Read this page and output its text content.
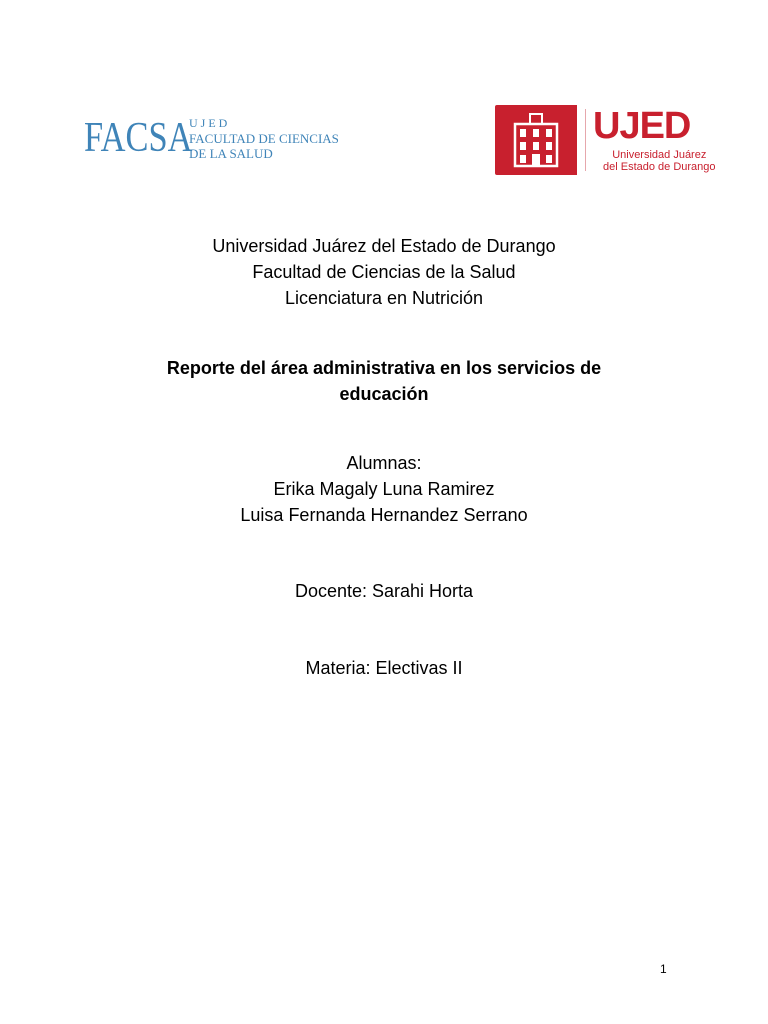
FACSA
UJED
FACULTAD DE CIENCIAS
DE LA SALUD
UJED
Universidad Juárez
del Estado de Durango
Universidad Juárez del Estado de Durango
Facultad de Ciencias de la Salud
Licenciatura en Nutrición
Reporte del área administrativa en los servicios de
educación
Alumnas:
Erika Magaly Luna Ramirez
Luisa Fernanda Hernandez Serrano
Docente: Sarahi Horta
Materia: Electivas II
1
